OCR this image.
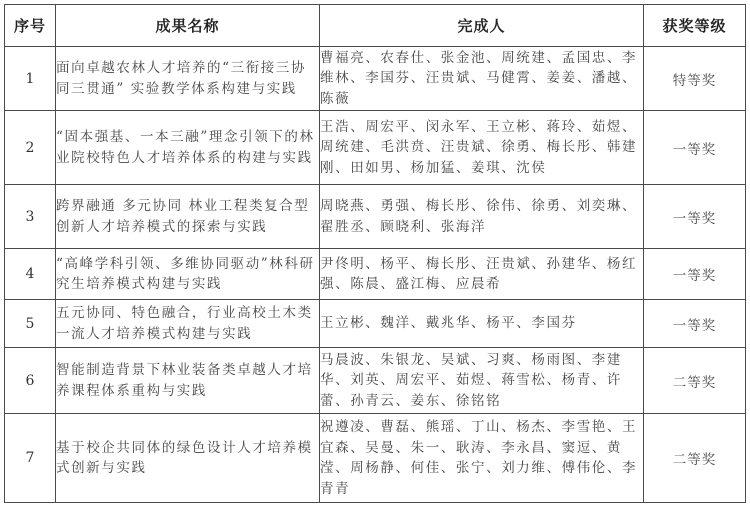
序号	成果名称	完成人	获奖等级
1	面向卓越农林人才培养的“三衔接三协同三贯通” 实验教学体系构建与实践	曹福亮、农春仕、张金池、周统建、孟国忠、李维林、李国芬、汪贵斌、马健霄、姜姜、潘越、陈薇	特等奖
2	“固本强基、一本三融”理念引领下的林业院校特色人才培养体系的构建与实践	王浩、周宏平、闵永军、王立彬、蒋玲、茹煜、周统建、毛洪贲、汪贵斌、徐勇、梅长彤、韩建刚、田如男、杨加猛、姜琪、沈侯	一等奖
3	跨界融通 多元协同 林业工程类复合型创新人才培养模式的探索与实践	周晓燕、勇强、梅长彤、徐伟、徐勇、刘奕琳、翟胜丞、顾晓利、张海洋	一等奖
4	“高峰学科引领、多维协同驱动”林科研究生培养模式构建与实践	尹佟明、杨平、梅长彤、汪贵斌、孙建华、杨红强、陈晨、盛江梅、应晨希	一等奖
5	五元协同、特色融合，行业高校土木类一流人才培养模式构建与实践	王立彬、魏洋、戴兆华、杨平、李国芬	一等奖
6	智能制造背景下林业装备类卓越人才培养课程体系重构与实践	马晨波、朱银龙、吴斌、习爽、杨雨图、李建华、刘英、周宏平、茹煜、蒋雪松、杨青、许蕾、孙青云、姜东、徐铭铭	二等奖
7	基于校企共同体的绿色设计人才培养模式创新与实践	祝遵凌、曹磊、熊瑶、丁山、杨杰、李雪艳、王宜森、吴曼、朱一、耿涛、李永昌、窦逗、黄滢、周杨静、何佳、张宁、刘力维、傅伟伦、李青青	二等奖
